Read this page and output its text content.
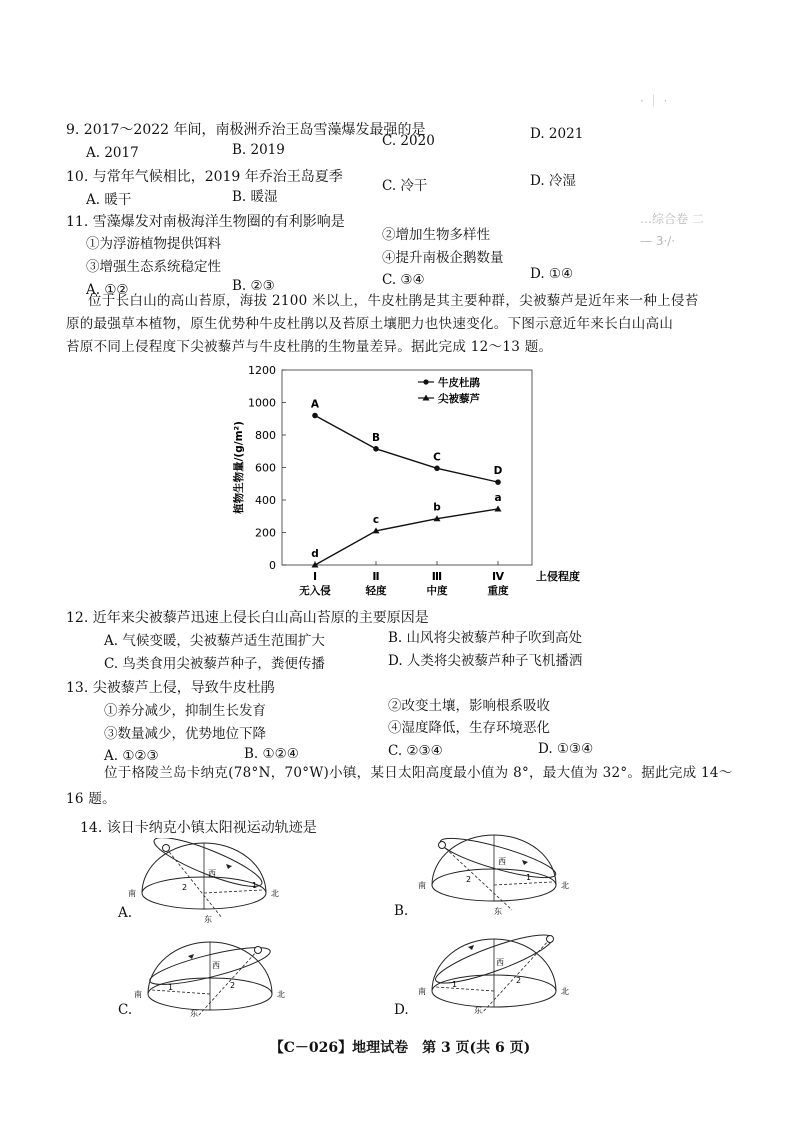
· ｜ ·
…综合卷 二
— 3·∕·
9. 2017～2022 年间，南极洲乔治王岛雪藻爆发最强的是
A. 2017	B. 2019
C. 2020	D. 2021
10. 与常年气候相比，2019 年乔治王岛夏季
A. 暖干	B. 暖湿
C. 冷干	D. 冷湿
11. 雪藻爆发对南极海洋生物圈的有利影响是
①为浮游植物提供饵料
②增加生物多样性
③增强生态系统稳定性
④提升南极企鹅数量
A. ①②	B. ②③	C. ③④	D. ①④
位于长白山的高山苔原，海拔 2100 米以上，牛皮杜鹃是其主要种群，尖被藜芦是近年来一种上侵苔
原的最强草本植物，原生优势种牛皮杜鹃以及苔原土壤肥力也快速变化。下图示意近年来长白山高山
苔原不同上侵程度下尖被藜芦与牛皮杜鹃的生物量差异。据此完成 12～13 题。
0
200
400
600
800
1000
1200
Ⅰ
无入侵
Ⅱ
轻度
Ⅲ
中度
Ⅳ
重度
上侵程度
植物生物量/(g/m²)
A
B
C
D
牛皮杜鹃
d
c
b
a
尖被藜芦
12. 近年来尖被藜芦迅速上侵长白山高山苔原的主要原因是
A. 气候变暖，尖被藜芦适生范围扩大	B. 山风将尖被藜芦种子吹到高处
C. 鸟类食用尖被藜芦种子，粪便传播	D. 人类将尖被藜芦种子飞机播洒
13. 尖被藜芦上侵，导致牛皮杜鹃
①养分减少，抑制生长发育	②改变土壤，影响根系吸收
③数量减少，优势地位下降	④湿度降低，生存环境恶化
A. ①②③	B. ①②④	C. ②③④	D. ①③④
位于格陵兰岛卡纳克(78°N，70°W)小镇，某日太阳高度最小值为 8°，最大值为 32°。据此完成 14～
16 题。
14. 该日卡纳克小镇太阳视运动轨迹是
南	北
东
西
2	1
A.
南	北
东
西
2	1
B.
南	北
东
西
1	2
C.
南	北
东
西
1	2
D.
【C－026】地理试卷　第 3 页(共 6 页)
